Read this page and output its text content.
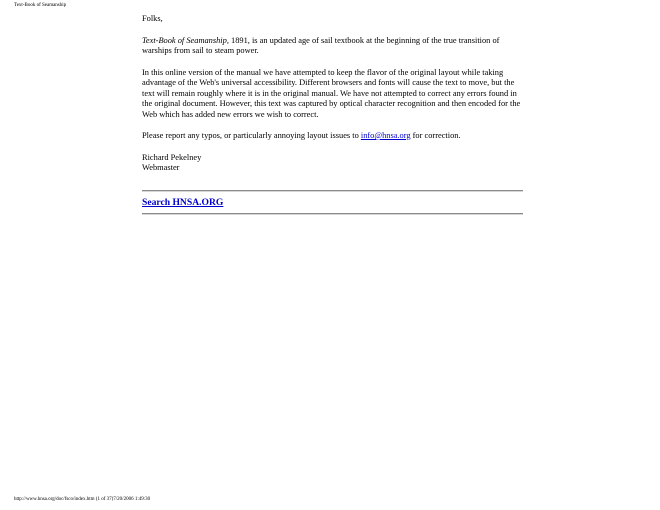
Text-Book of Seamanship

Folks,

Text-Book of Seamanship, 1891, is an updated age of sail textbook at the beginning of the true transition of warships from sail to steam power.

In this online version of the manual we have attempted to keep the flavor of the original layout while taking advantage of the Web's universal accessibility. Different browsers and fonts will cause the text to move, but the text will remain roughly where it is in the original manual. We have not attempted to correct any errors found in the original document. However, this text was captured by optical character recognition and then encoded for the Web which has added new errors we wish to correct.

Please report any typos, or particularly annoying layout issues to info@hnsa.org for correction.

Richard Pekelney
Webmaster

Search HNSA.ORG
http://www.hnsa.org/doc/fsco/index.htm (1 of 37)7/20/2006 1:49:30
